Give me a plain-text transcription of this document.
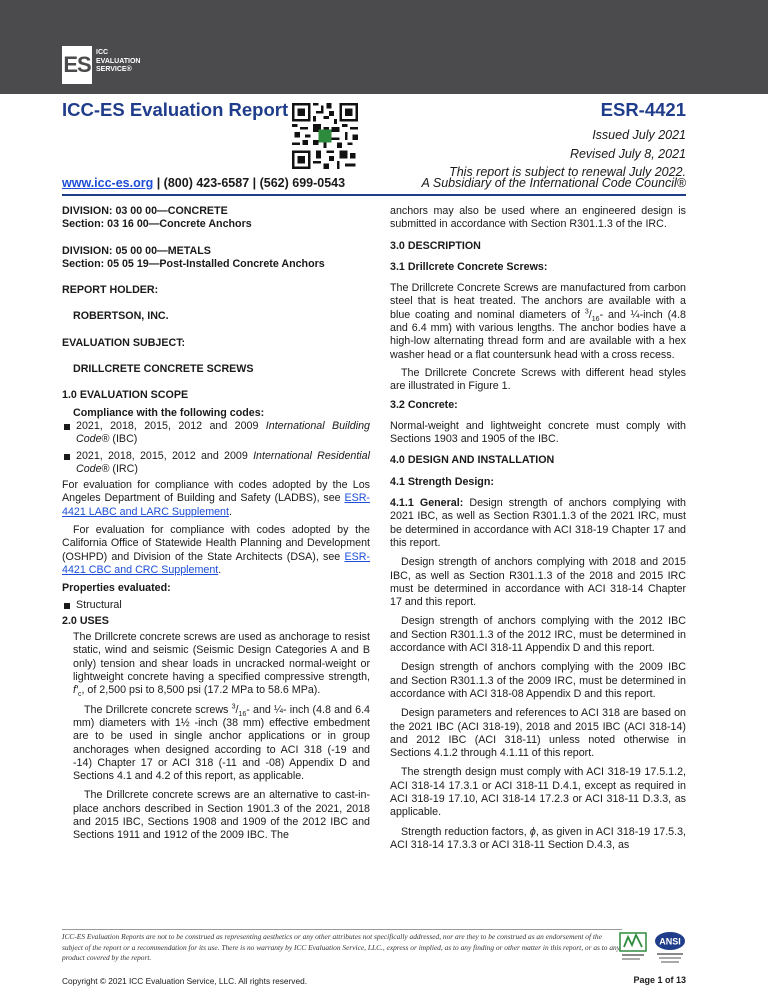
ES ICC
EVALUATION
SERVICE®
ICC-ES Evaluation Report	ESR-4421
Issued July 2021
Revised July 8, 2021
This report is subject to renewal July 2022.
www.icc-es.org | (800) 423-6587 | (562) 699-0543	A Subsidiary of the International Code Council®

DIVISION: 03 00 00—CONCRETE

Section: 03 16 00—Concrete Anchors

DIVISION: 05 00 00—METALS

Section: 05 05 19—Post-Installed Concrete Anchors

REPORT HOLDER:

ROBERTSON, INC.

EVALUATION SUBJECT:

DRILLCRETE CONCRETE SCREWS

1.0 EVALUATION SCOPE

Compliance with the following codes:

2021, 2018, 2015, 2012 and 2009 International Building Code® (IBC)
2021, 2018, 2015, 2012 and 2009 International Residential Code® (IRC)

For evaluation for compliance with codes adopted by the Los Angeles Department of Building and Safety (LADBS), see ESR-4421 LABC and LARC Supplement.

For evaluation for compliance with codes adopted by the California Office of Statewide Health Planning and Development (OSHPD) and Division of the State Architects (DSA), see ESR-4421 CBC and CRC Supplement.

Properties evaluated:

Structural

2.0 USES

The Drillcrete concrete screws are used as anchorage to resist static, wind and seismic (Seismic Design Categories A and B only) tension and shear loads in uncracked normal-weight or lightweight concrete having a specified compressive strength, $f'_c$, of 2,500 psi to 8,500 psi (17.2 MPa to 58.6 MPa).

The Drillcrete concrete screws $^3/_{16}-$ and ¼- inch (4.8 and 6.4 mm) diameters with 1½ -inch (38 mm) effective embedment are to be used in single anchor applications or in group anchorages when designed according to ACI 318 (-19 and -14) Chapter 17 or ACI 318 (-11 and -08) Appendix D and Sections 4.1 and 4.2 of this report, as applicable.

The Drillcrete concrete screws are an alternative to cast-in-place anchors described in Section 1901.3 of the 2021, 2018 and 2015 IBC, Sections 1908 and 1909 of the 2012 IBC and Sections 1911 and 1912 of the 2009 IBC. The

anchors may also be used where an engineered design is submitted in accordance with Section R301.1.3 of the IRC.

3.0 DESCRIPTION

3.1 Drillcrete Concrete Screws:

The Drillcrete Concrete Screws are manufactured from carbon steel that is heat treated. The anchors are available with a blue coating and nominal diameters of $^3/_{16}-$ and ¼-inch (4.8 and 6.4 mm) with various lengths. The anchor bodies have a high-low alternating thread form and are available with a hex washer head or a flat countersunk head with a cross recess.

The Drillcrete Concrete Screws with different head styles are illustrated in Figure 1.

3.2 Concrete:

Normal-weight and lightweight concrete must comply with Sections 1903 and 1905 of the IBC.

4.0 DESIGN AND INSTALLATION

4.1 Strength Design:

4.1.1 General: Design strength of anchors complying with 2021 IBC, as well as Section R301.1.3 of the 2021 IRC, must be determined in accordance with ACI 318-19 Chapter 17 and this report.

Design strength of anchors complying with 2018 and 2015 IBC, as well as Section R301.1.3 of the 2018 and 2015 IRC must be determined in accordance with ACI 318-14 Chapter 17 and this report.

Design strength of anchors complying with the 2012 IBC and Section R301.1.3 of the 2012 IRC, must be determined in accordance with ACI 318-11 Appendix D and this report.

Design strength of anchors complying with the 2009 IBC and Section R301.1.3 of the 2009 IRC, must be determined in accordance with ACI 318-08 Appendix D and this report.

Design parameters and references to ACI 318 are based on the 2021 IBC (ACI 318-19), 2018 and 2015 IBC (ACI 318-14) and 2012 IBC (ACI 318-11) unless noted otherwise in Sections 4.1.2 through 4.1.11 of this report.

The strength design must comply with ACI 318-19 17.5.1.2, ACI 318-14 17.3.1 or ACI 318-11 D.4.1, except as required in ACI 318-19 17.10, ACI 318-14 17.2.3 or ACI 318-11 D.3.3, as applicable.

Strength reduction factors, ϕ, as given in ACI 318-19 17.5.3, ACI 318-14 17.3.3 or ACI 318-11 Section D.4.3, as

ICC-ES Evaluation Reports are not to be construed as representing aesthetics or any other attributes not specifically addressed, nor are they to be construed as an endorsement of the subject of the report or a recommendation for its use. There is no warranty by ICC Evaluation Service, LLC., express or implied, as to any finding or other matter in this report, or as to any product covered by the report.
Copyright © 2021 ICC Evaluation Service, LLC. All rights reserved.	Page 1 of 13
ANSI
